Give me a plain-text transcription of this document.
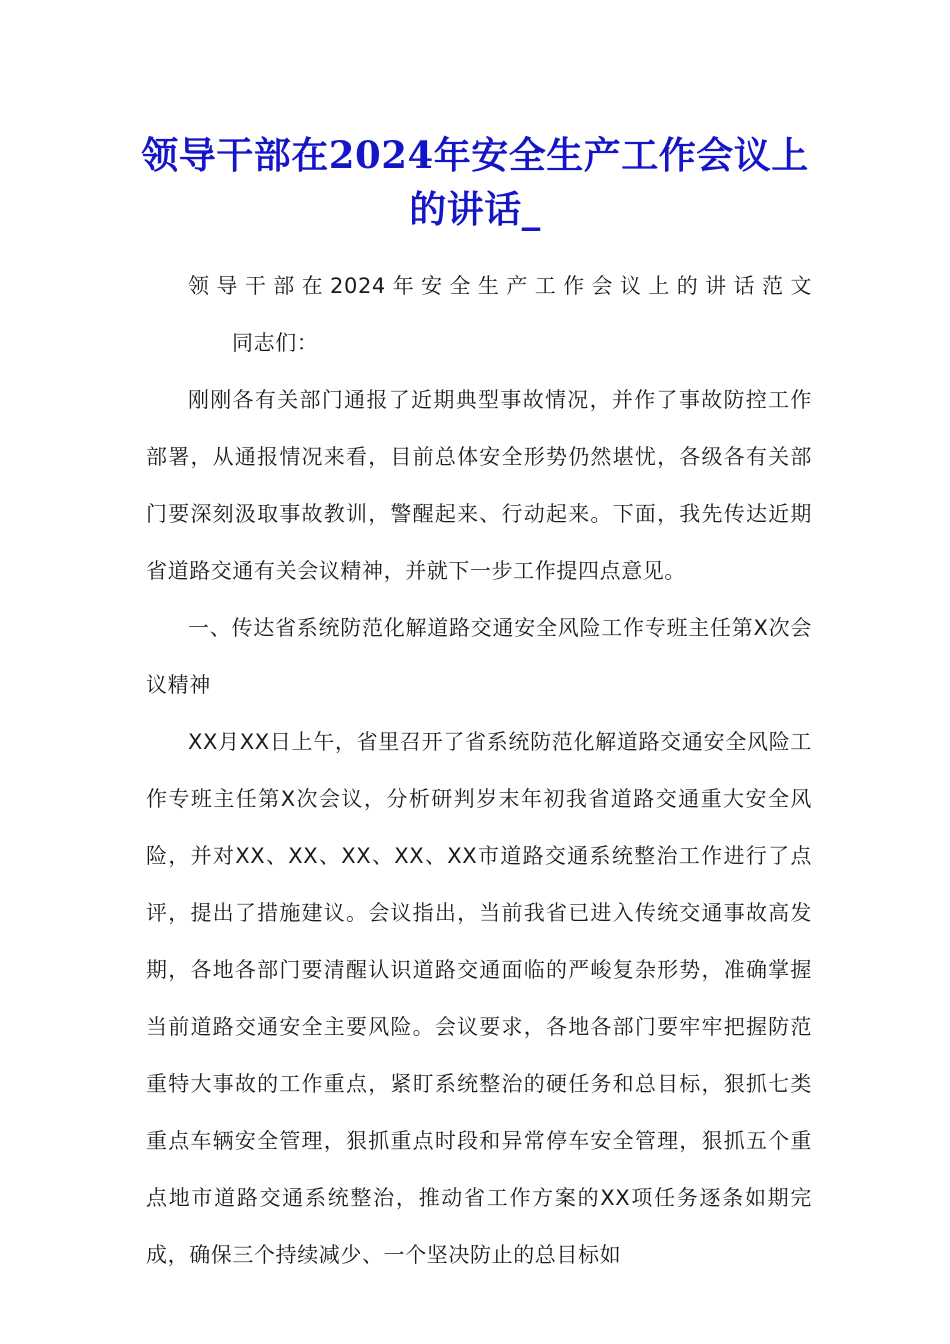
领导干部在2024年安全生产工作会议上的讲话_

领导干部在2024年安全生产工作会议上的讲话范文同志们：

刚刚各有关部门通报了近期典型事故情况，并作了事故防控工作部署，从通报情况来看，目前总体安全形势仍然堪忧，各级各有关部门要深刻汲取事故教训，警醒起来、行动起来。下面，我先传达近期省道路交通有关会议精神，并就下一步工作提四点意见。

一、传达省系统防范化解道路交通安全风险工作专班主任第X次会议精神

XX月XX日上午，省里召开了省系统防范化解道路交通安全风险工作专班主任第X次会议，分析研判岁末年初我省道路交通重大安全风险，并对XX、XX、XX、XX、XX市道路交通系统整治工作进行了点评，提出了措施建议。会议指出，当前我省已进入传统交通事故高发期，各地各部门要清醒认识道路交通面临的严峻复杂形势，准确掌握当前道路交通安全主要风险。会议要求，各地各部门要牢牢把握防范重特大事故的工作重点，紧盯系统整治的硬任务和总目标，狠抓七类重点车辆安全管理，狠抓重点时段和异常停车安全管理，狠抓五个重点地市道路交通系统整治，推动省工作方案的XX项任务逐条如期完成，确保三个持续减少、一个坚决防止的总目标如
